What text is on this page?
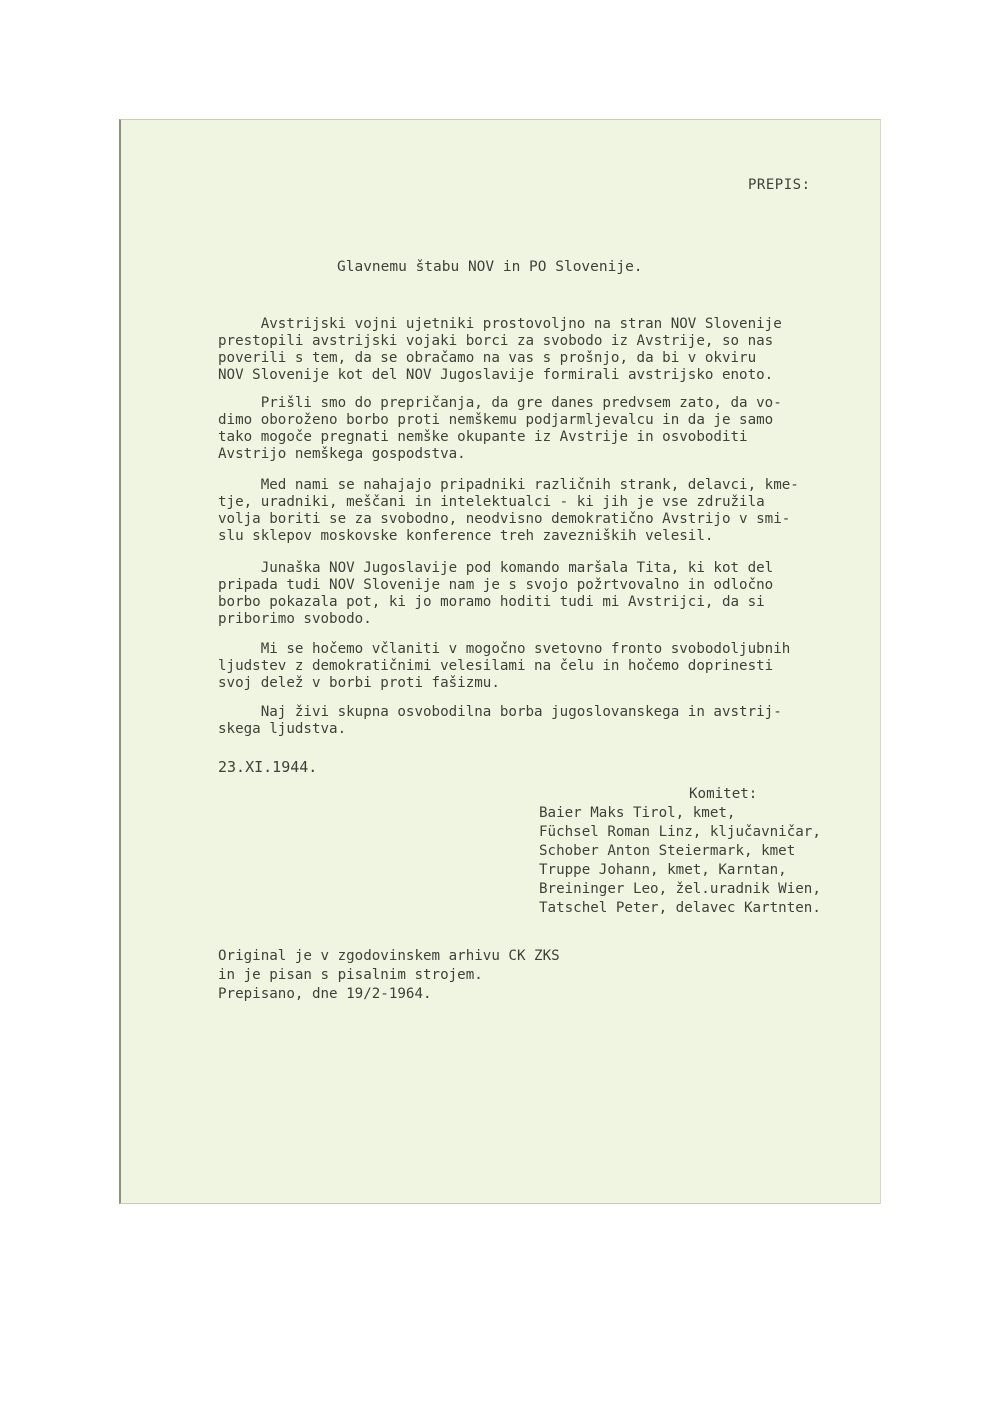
PREPIS:
Glavnemu štabu NOV in PO Slovenije.
Avstrijski vojni ujetniki prostovoljno na stran NOV Slovenije
prestopili avstrijski vojaki borci za svobodo iz Avstrije, so nas
poverili s tem, da se obračamo na vas s prošnjo, da bi v okviru
NOV Slovenije kot del NOV Jugoslavije formirali avstrijsko enoto.
Prišli smo do prepričanja, da gre danes predvsem zato, da vo-
dimo oboroženo borbo proti nemškemu podjarmljevalcu in da je samo
tako mogoče pregnati nemške okupante iz Avstrije in osvoboditi
Avstrijo nemškega gospodstva.
Med nami se nahajajo pripadniki različnih strank, delavci, kme-
tje, uradniki, meščani in intelektualci - ki jih je vse združila
volja boriti se za svobodno, neodvisno demokratično Avstrijo v smi-
slu sklepov moskovske konference treh zavezniških velesil.
Junaška NOV Jugoslavije pod komando maršala Tita, ki kot del
pripada tudi NOV Slovenije nam je s svojo požrtvovalno in odločno
borbo pokazala pot, ki jo moramo hoditi tudi mi Avstrijci, da si
priborimo svobodo.
Mi se hočemo včlaniti v mogočno svetovno fronto svobodoljubnih
ljudstev z demokratičnimi velesilami na čelu in hočemo doprinesti
svoj delež v borbi proti fašizmu.
Naj živi skupna osvobodilna borba jugoslovanskega in avstrij-
skega ljudstva.
23.XI.1944.
Komitet:
Baier Maks Tirol, kmet,
Füchsel Roman Linz, ključavničar,
Schober Anton Steiermark, kmet
Truppe Johann, kmet, Karntan,
Breininger Leo, žel.uradnik Wien,
Tatschel Peter, delavec Kartnten.
Original je v zgodovinskem arhivu CK ZKS
in je pisan s pisalnim strojem.
Prepisano, dne 19/2-1964.
